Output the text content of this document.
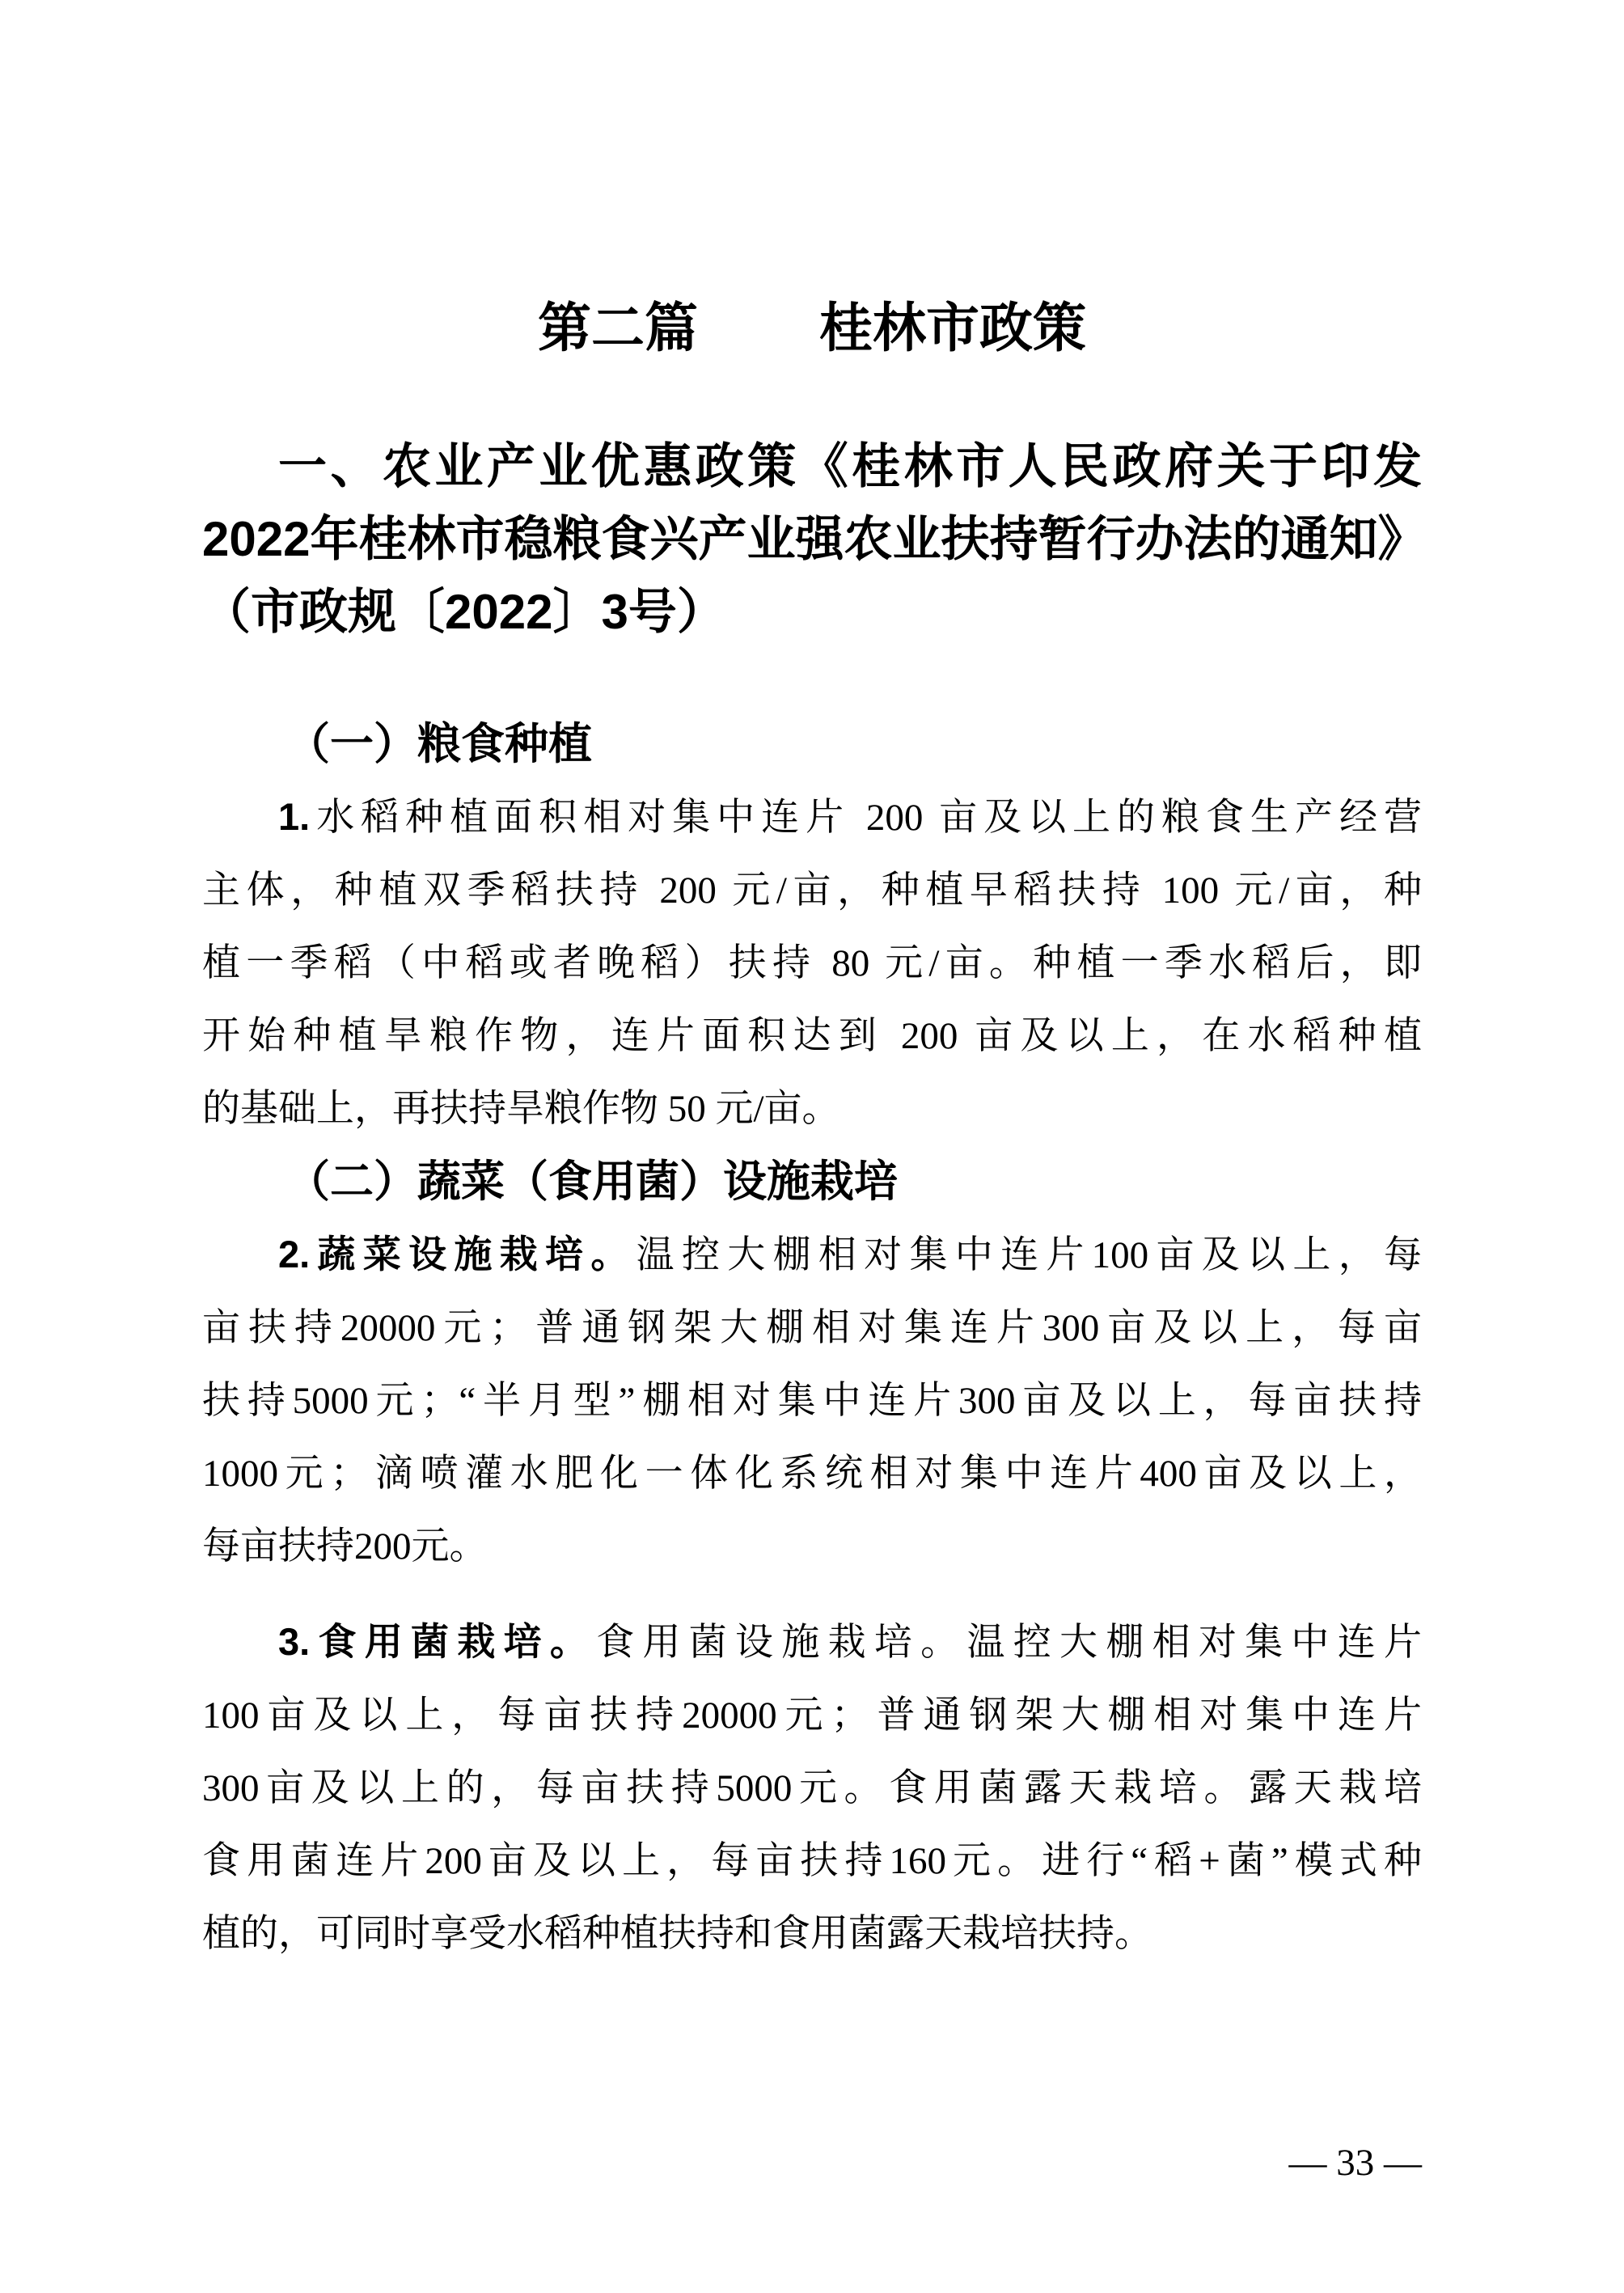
第二篇 桂林市政策
一、农业产业优惠政策《桂林市人民政府关于印发
2022年桂林市稳粮食兴产业强农业扶持暂行办法的通知》
（市政规〔2022〕3号）
（一）粮食种植
1.水稻种植面积相对集中连片 200 亩及以上的粮食生产经营
主体，种植双季稻扶持 200 元/亩，种植早稻扶持 100 元/亩，种
植一季稻（中稻或者晚稻）扶持 80 元/亩。种植一季水稻后，即
开始种植旱粮作物，连片面积达到 200 亩及以上，在水稻种植
的基础上，再扶持旱粮作物 50 元/亩。
（二）蔬菜（食用菌）设施栽培
2.蔬菜设施栽培。温控大棚相对集中连片100亩及以上，每
亩扶持20000元；普通钢架大棚相对集连片300亩及以上，每亩
扶持5000元；“半月型”棚相对集中连片300亩及以上，每亩扶持
1000元；滴喷灌水肥化一体化系统相对集中连片400亩及以上，
每亩扶持200元。
3.食用菌栽培。食用菌设施栽培。温控大棚相对集中连片
100亩及以上，每亩扶持20000元；普通钢架大棚相对集中连片
300亩及以上的，每亩扶持5000元。食用菌露天栽培。露天栽培
食用菌连片200亩及以上，每亩扶持160元。进行“稻+菌”模式种
植的，可同时享受水稻种植扶持和食用菌露天栽培扶持。
— 33 —
